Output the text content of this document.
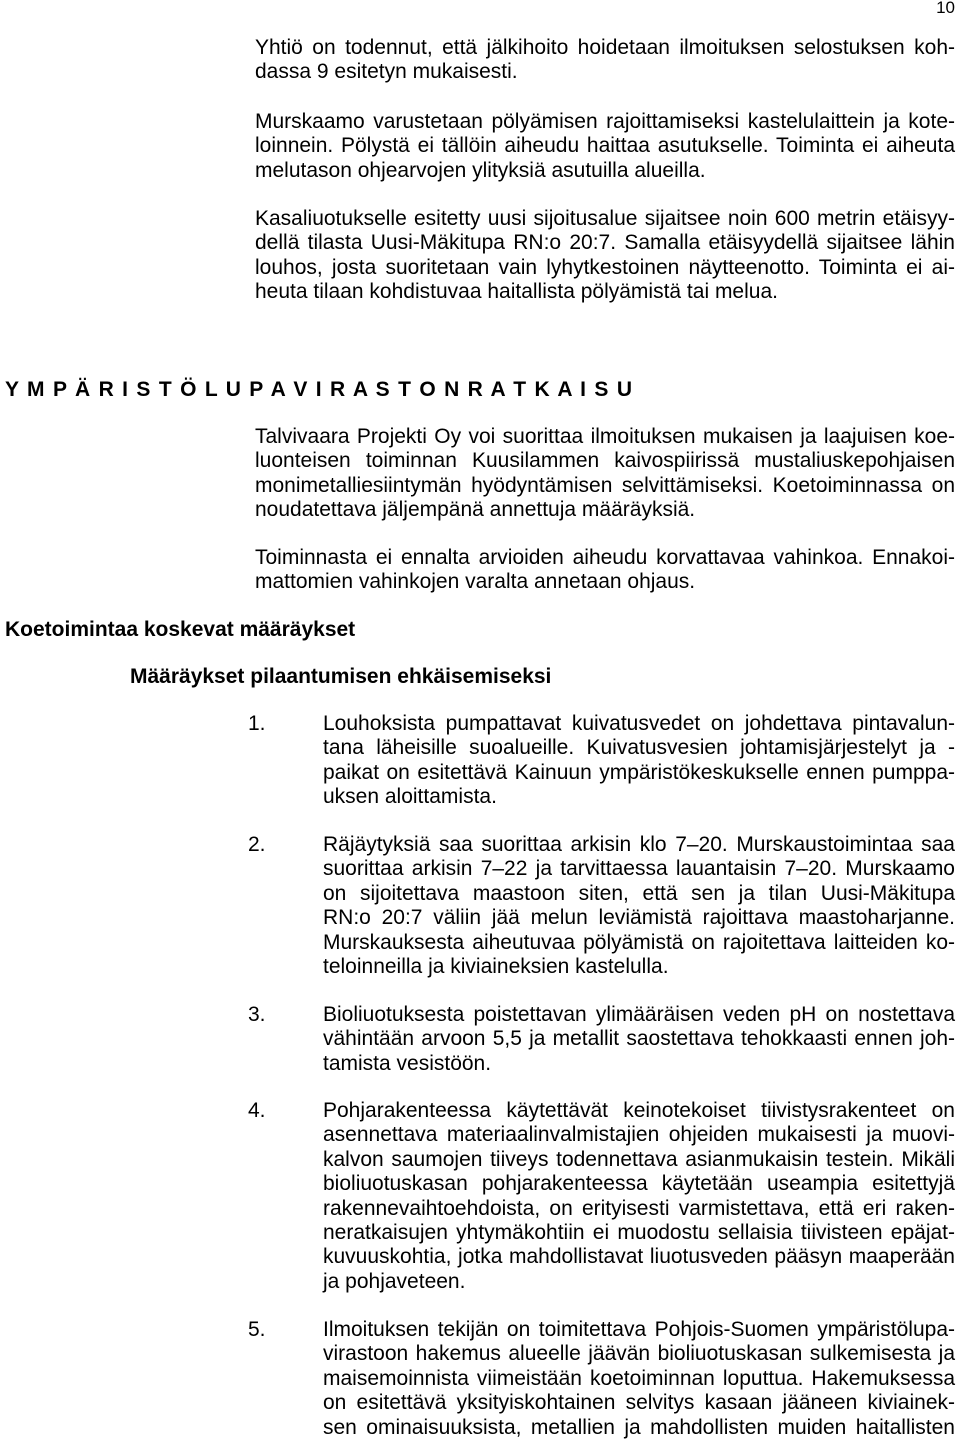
10
Yhtiö on todennut, että jälkihoito hoidetaan ilmoituksen selostuksen koh-
dassa 9 esitetyn mukaisesti.
Murskaamo varustetaan pölyämisen rajoittamiseksi kastelulaittein ja kote-
loinnein. Pölystä ei tällöin aiheudu haittaa asutukselle. Toiminta ei aiheuta
melutason ohjearvojen ylityksiä asutuilla alueilla.
Kasaliuotukselle esitetty uusi sijoitusalue sijaitsee noin 600 metrin etäisyy-
dellä tilasta Uusi-Mäkitupa RN:o 20:7. Samalla etäisyydellä sijaitsee lähin
louhos, josta suoritetaan vain lyhytkestoinen näytteenotto. Toiminta ei ai-
heuta tilaan kohdistuvaa haitallista pölyämistä tai melua.
Y M P Ä R I S T Ö L U P A V I R A S T O N R A T K A I S U
Talvivaara Projekti Oy voi suorittaa ilmoituksen mukaisen ja laajuisen koe-
luonteisen toiminnan Kuusilammen kaivospiirissä mustaliuskepohjaisen
monimetalliesiintymän hyödyntämisen selvittämiseksi. Koetoiminnassa on
noudatettava jäljempänä annettuja määräyksiä.
Toiminnasta ei ennalta arvioiden aiheudu korvattavaa vahinkoa. Ennakoi-
mattomien vahinkojen varalta annetaan ohjaus.
Koetoimintaa koskevat määräykset
Määräykset pilaantumisen ehkäisemiseksi
1.	Louhoksista pumpattavat kuivatusvedet on johdettava pintavalun-
tana läheisille suoalueille. Kuivatusvesien johtamisjärjestelyt ja -
paikat on esitettävä Kainuun ympäristökeskukselle ennen pumppa-
uksen aloittamista.
2.	Räjäytyksiä saa suorittaa arkisin klo 7–20. Murskaustoimintaa saa
suorittaa arkisin 7–22 ja tarvittaessa lauantaisin 7–20. Murskaamo
on sijoitettava maastoon siten, että sen ja tilan Uusi-Mäkitupa
RN:o 20:7 väliin jää melun leviämistä rajoittava maastoharjanne.
Murskauksesta aiheutuvaa pölyämistä on rajoitettava laitteiden ko-
teloinneilla ja kiviaineksien kastelulla.
3.	Bioliuotuksesta poistettavan ylimääräisen veden pH on nostettava
vähintään arvoon 5,5 ja metallit saostettava tehokkaasti ennen joh-
tamista vesistöön.
4.	Pohjarakenteessa käytettävät keinotekoiset tiivistysrakenteet on
asennettava materiaalinvalmistajien ohjeiden mukaisesti ja muovi-
kalvon saumojen tiiveys todennettava asianmukaisin testein. Mikäli
bioliuotuskasan pohjarakenteessa käytetään useampia esitettyjä
rakennevaihtoehdoista, on erityisesti varmistettava, että eri raken-
neratkaisujen yhtymäkohtiin ei muodostu sellaisia tiivisteen epäjat-
kuvuuskohtia, jotka mahdollistavat liuotusveden pääsyn maaperään
ja pohjaveteen.
5.	Ilmoituksen tekijän on toimitettava Pohjois-Suomen ympäristölupa-
virastoon hakemus alueelle jäävän bioliuotuskasan sulkemisesta ja
maisemoinnista viimeistään koetoiminnan loputtua. Hakemuksessa
on esitettävä yksityiskohtainen selvitys kasaan jääneen kiviainek-
sen ominaisuuksista, metallien ja mahdollisten muiden haitallisten
